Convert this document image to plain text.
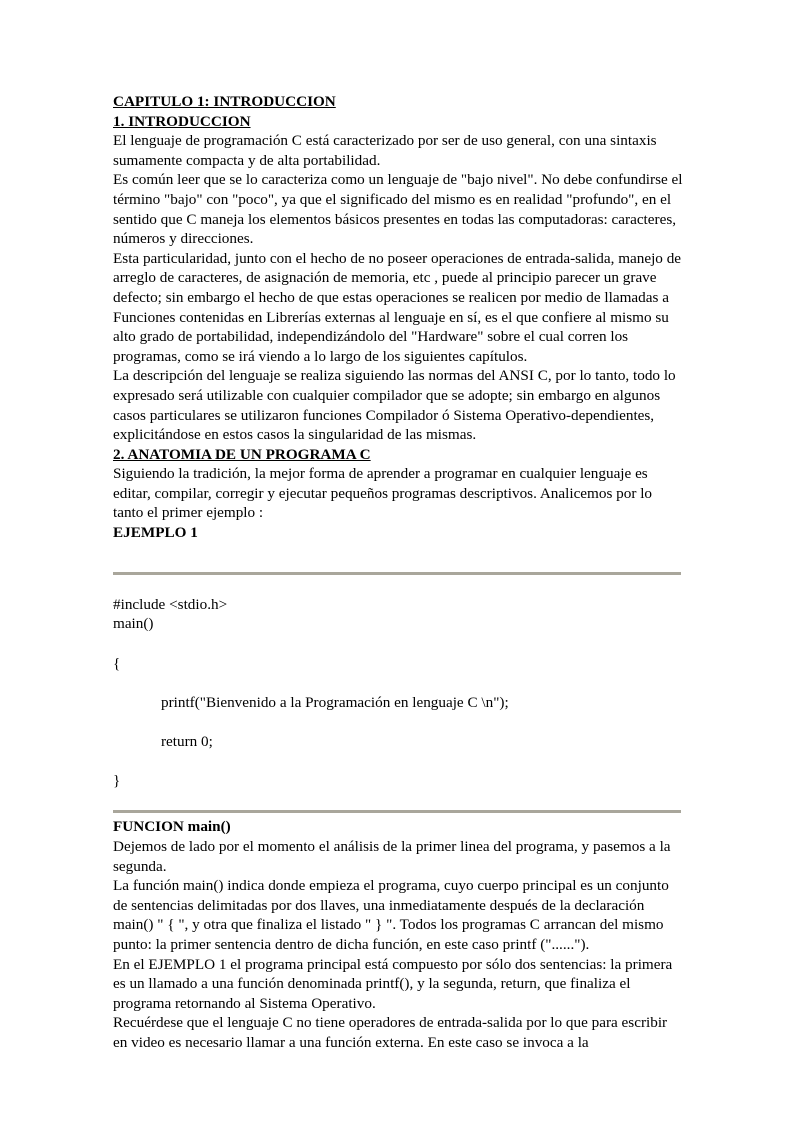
CAPITULO 1: INTRODUCCION
1. INTRODUCCION

El lenguaje de programación C está caracterizado por ser de uso general, con una sintaxis sumamente compacta y de alta portabilidad.

Es común leer que se lo caracteriza como un lenguaje de "bajo nivel". No debe confundirse el término "bajo" con "poco", ya que el significado del mismo es en realidad "profundo", en el sentido que C maneja los elementos básicos presentes en todas las computadoras: caracteres, números y direcciones.

Esta particularidad, junto con el hecho de no poseer operaciones de entrada-salida, manejo de arreglo de caracteres, de asignación de memoria, etc , puede al principio parecer un grave defecto; sin embargo el hecho de que estas operaciones se realicen por medio de llamadas a Funciones contenidas en Librerías externas al lenguaje en sí, es el que confiere al mismo su alto grado de portabilidad, independizándolo del "Hardware" sobre el cual corren los programas, como se irá viendo a lo largo de los siguientes capítulos.

La descripción del lenguaje se realiza siguiendo las normas del ANSI C, por lo tanto, todo lo expresado será utilizable con cualquier compilador que se adopte; sin embargo en algunos casos particulares se utilizaron funciones Compilador ó Sistema Operativo-dependientes, explicitándose en estos casos la singularidad de las mismas.

2. ANATOMIA DE UN PROGRAMA C

Siguiendo la tradición, la mejor forma de aprender a programar en cualquier lenguaje es editar, compilar, corregir y ejecutar pequeños programas descriptivos. Analicemos por lo tanto el primer ejemplo :

EJEMPLO 1
#include <stdio.h>
main()
{
printf("Bienvenido a la Programación en lenguaje C \n");
return 0;
}
FUNCION main()

Dejemos de lado por el momento el análisis de la primer linea del programa, y pasemos a la segunda.

La función main() indica donde empieza el programa, cuyo cuerpo principal es un conjunto de sentencias delimitadas por dos llaves, una inmediatamente después de la declaración main() " { ", y otra que finaliza el listado " } ". Todos los programas C arrancan del mismo punto: la primer sentencia dentro de dicha función, en este caso printf ("......").

En el EJEMPLO 1 el programa principal está compuesto por sólo dos sentencias: la primera es un llamado a una función denominada printf(), y la segunda, return, que finaliza el programa retornando al Sistema Operativo.

Recuérdese que el lenguaje C no tiene operadores de entrada-salida por lo que para escribir en video es necesario llamar a una función externa. En este caso se invoca a la
